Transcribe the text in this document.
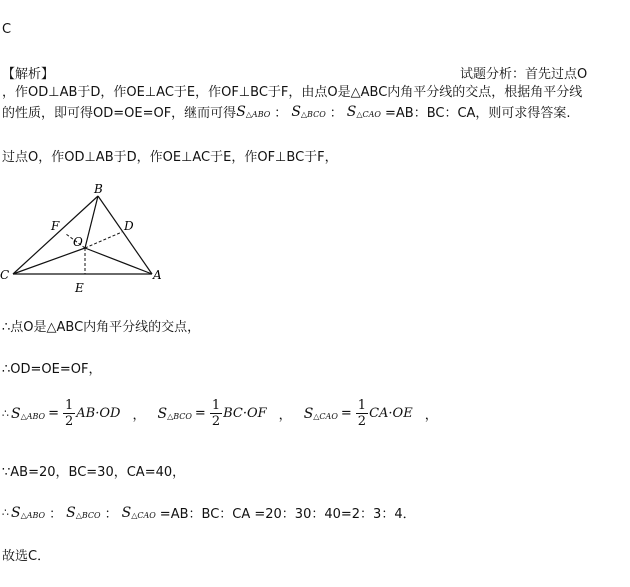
C
【解析】	试题分析：首先过点O
，作OD⊥AB于D，作OE⊥AC于E，作OF⊥BC于F，由点O是△ABC内角平分线的交点，根据角平分线
的性质，即可得OD=OE=OF，继而可得 S △ABO ： S △BCO ： S △CAO =AB：BC：CA，则可求得答案.
过点O，作OD⊥AB于D，作OE⊥AC于E，作OF⊥BC于F，
B
C	A
D
F
O
E
∴点O是△ABC内角平分线的交点，
∴OD=OE=OF，
∴ S △ABO = $\frac{1}{2} AB\cdot OD$ ， S △BCO = $\frac{1}{2} BC\cdot OF$ ， S △CAO = $\frac{1}{2} CA\cdot OE$ ，
∵AB=20，BC=30，CA=40，
∴ S △ABO ： S △BCO ： S △CAO =AB：BC：CA =20：30：40=2：3：4．
故选C．
